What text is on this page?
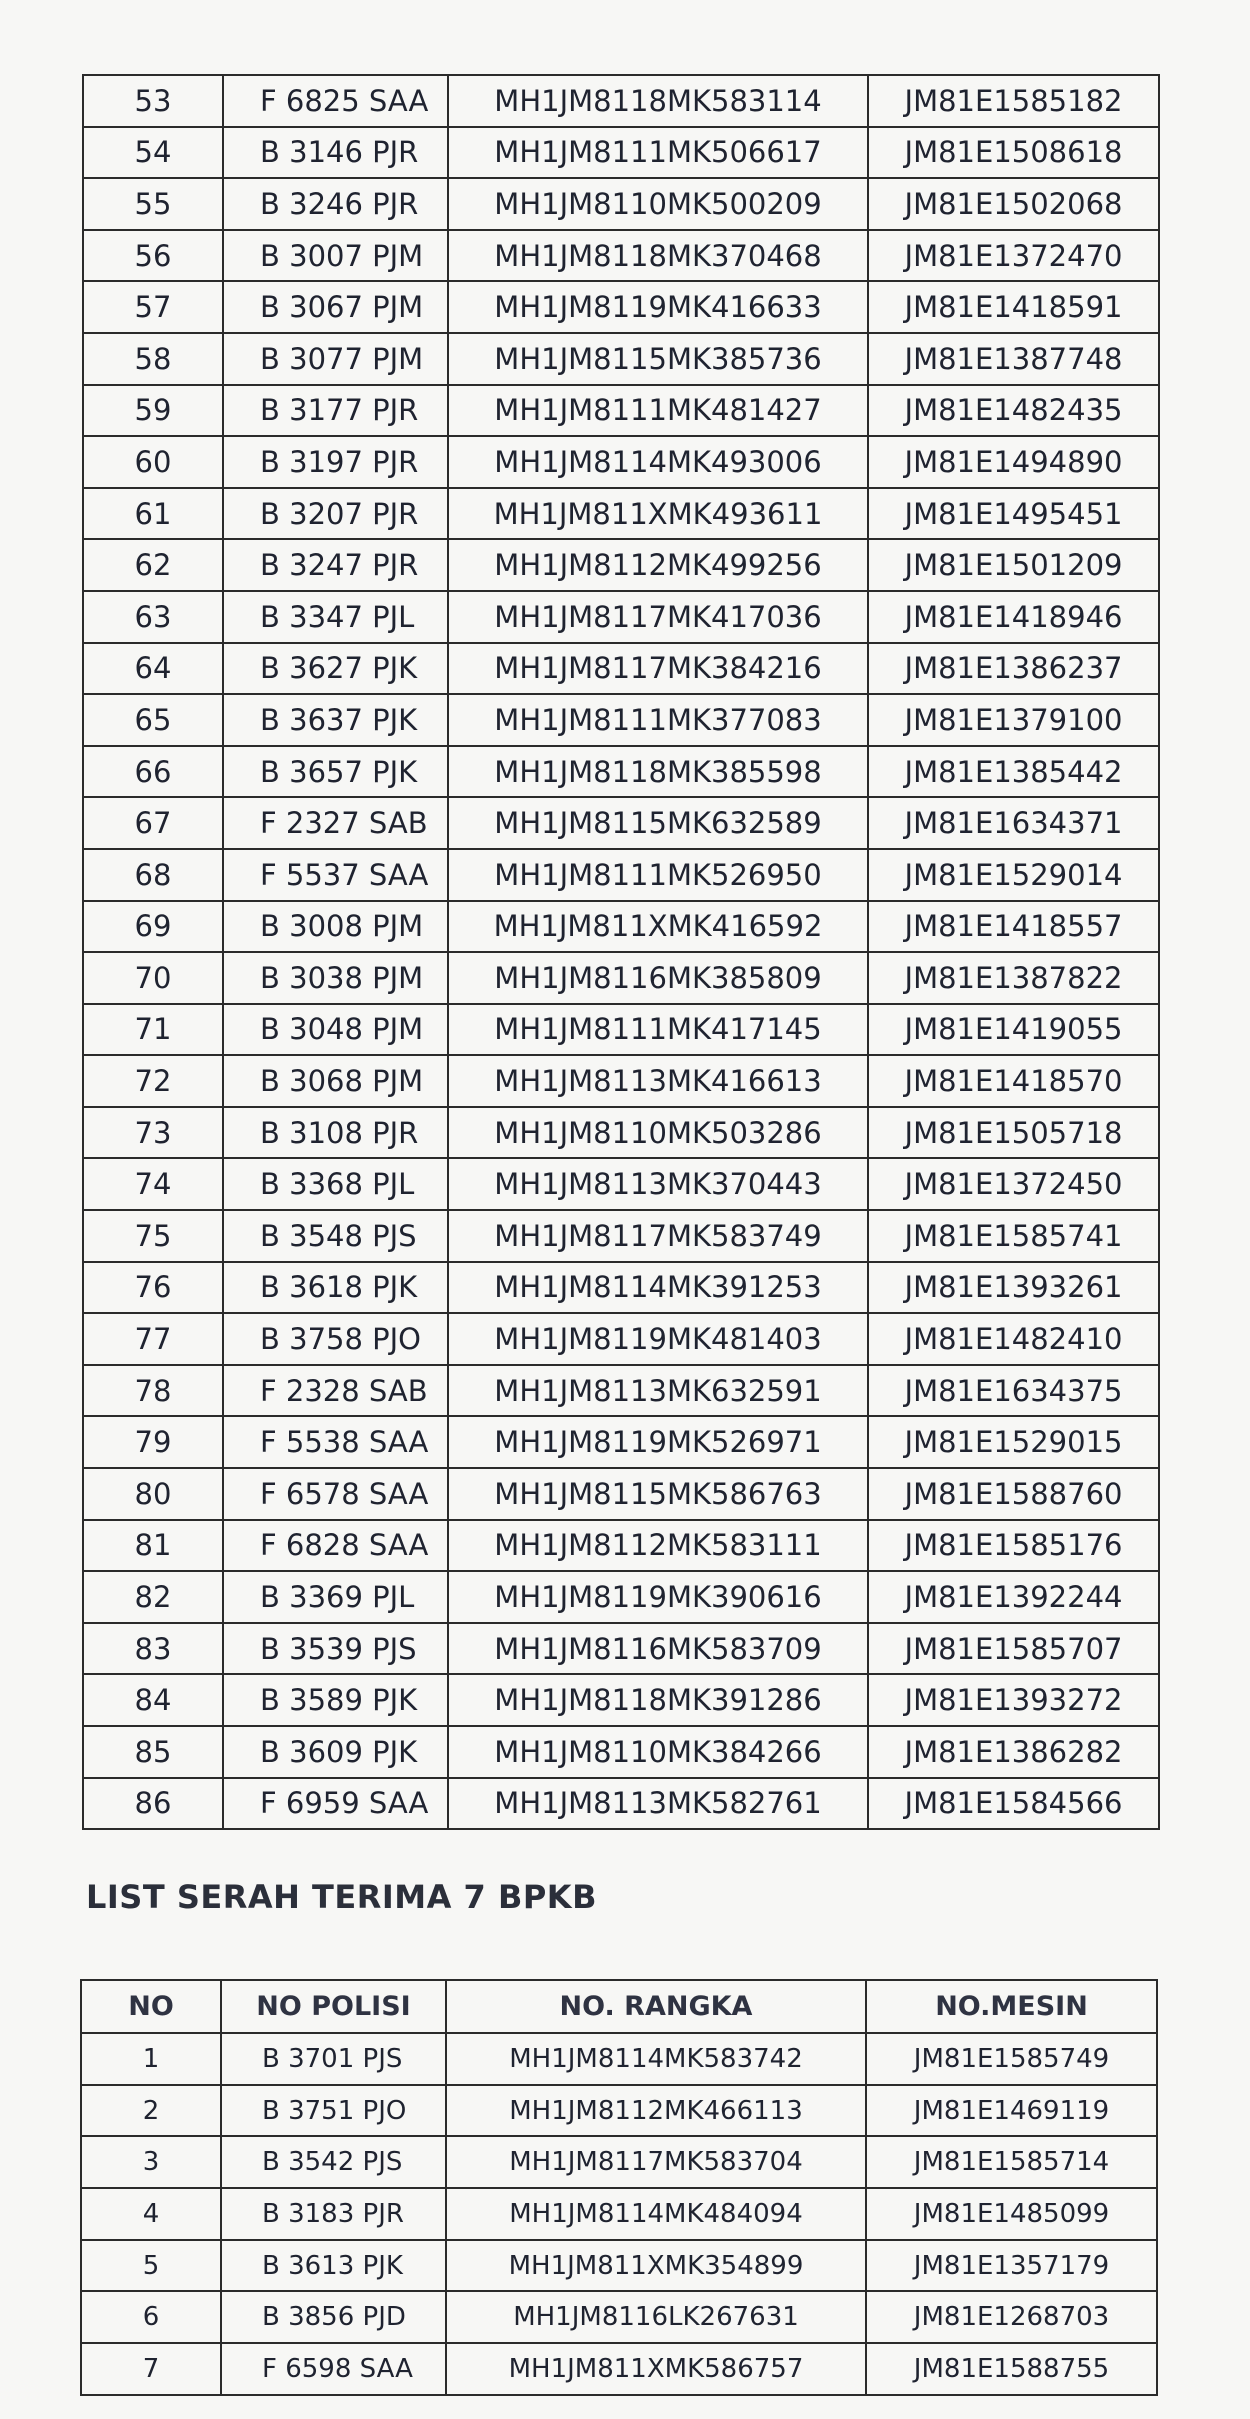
53	F 6825 SAA	MH1JM8118MK583114	JM81E1585182
54	B 3146 PJR	MH1JM8111MK506617	JM81E1508618
55	B 3246 PJR	MH1JM8110MK500209	JM81E1502068
56	B 3007 PJM	MH1JM8118MK370468	JM81E1372470
57	B 3067 PJM	MH1JM8119MK416633	JM81E1418591
58	B 3077 PJM	MH1JM8115MK385736	JM81E1387748
59	B 3177 PJR	MH1JM8111MK481427	JM81E1482435
60	B 3197 PJR	MH1JM8114MK493006	JM81E1494890
61	B 3207 PJR	MH1JM811XMK493611	JM81E1495451
62	B 3247 PJR	MH1JM8112MK499256	JM81E1501209
63	B 3347 PJL	MH1JM8117MK417036	JM81E1418946
64	B 3627 PJK	MH1JM8117MK384216	JM81E1386237
65	B 3637 PJK	MH1JM8111MK377083	JM81E1379100
66	B 3657 PJK	MH1JM8118MK385598	JM81E1385442
67	F 2327 SAB	MH1JM8115MK632589	JM81E1634371
68	F 5537 SAA	MH1JM8111MK526950	JM81E1529014
69	B 3008 PJM	MH1JM811XMK416592	JM81E1418557
70	B 3038 PJM	MH1JM8116MK385809	JM81E1387822
71	B 3048 PJM	MH1JM8111MK417145	JM81E1419055
72	B 3068 PJM	MH1JM8113MK416613	JM81E1418570
73	B 3108 PJR	MH1JM8110MK503286	JM81E1505718
74	B 3368 PJL	MH1JM8113MK370443	JM81E1372450
75	B 3548 PJS	MH1JM8117MK583749	JM81E1585741
76	B 3618 PJK	MH1JM8114MK391253	JM81E1393261
77	B 3758 PJO	MH1JM8119MK481403	JM81E1482410
78	F 2328 SAB	MH1JM8113MK632591	JM81E1634375
79	F 5538 SAA	MH1JM8119MK526971	JM81E1529015
80	F 6578 SAA	MH1JM8115MK586763	JM81E1588760
81	F 6828 SAA	MH1JM8112MK583111	JM81E1585176
82	B 3369 PJL	MH1JM8119MK390616	JM81E1392244
83	B 3539 PJS	MH1JM8116MK583709	JM81E1585707
84	B 3589 PJK	MH1JM8118MK391286	JM81E1393272
85	B 3609 PJK	MH1JM8110MK384266	JM81E1386282
86	F 6959 SAA	MH1JM8113MK582761	JM81E1584566
LIST SERAH TERIMA 7 BPKB
NO	NO POLISI	NO. RANGKA	NO.MESIN
1	B 3701 PJS	MH1JM8114MK583742	JM81E1585749
2	B 3751 PJO	MH1JM8112MK466113	JM81E1469119
3	B 3542 PJS	MH1JM8117MK583704	JM81E1585714
4	B 3183 PJR	MH1JM8114MK484094	JM81E1485099
5	B 3613 PJK	MH1JM811XMK354899	JM81E1357179
6	B 3856 PJD	MH1JM8116LK267631	JM81E1268703
7	F 6598 SAA	MH1JM811XMK586757	JM81E1588755
